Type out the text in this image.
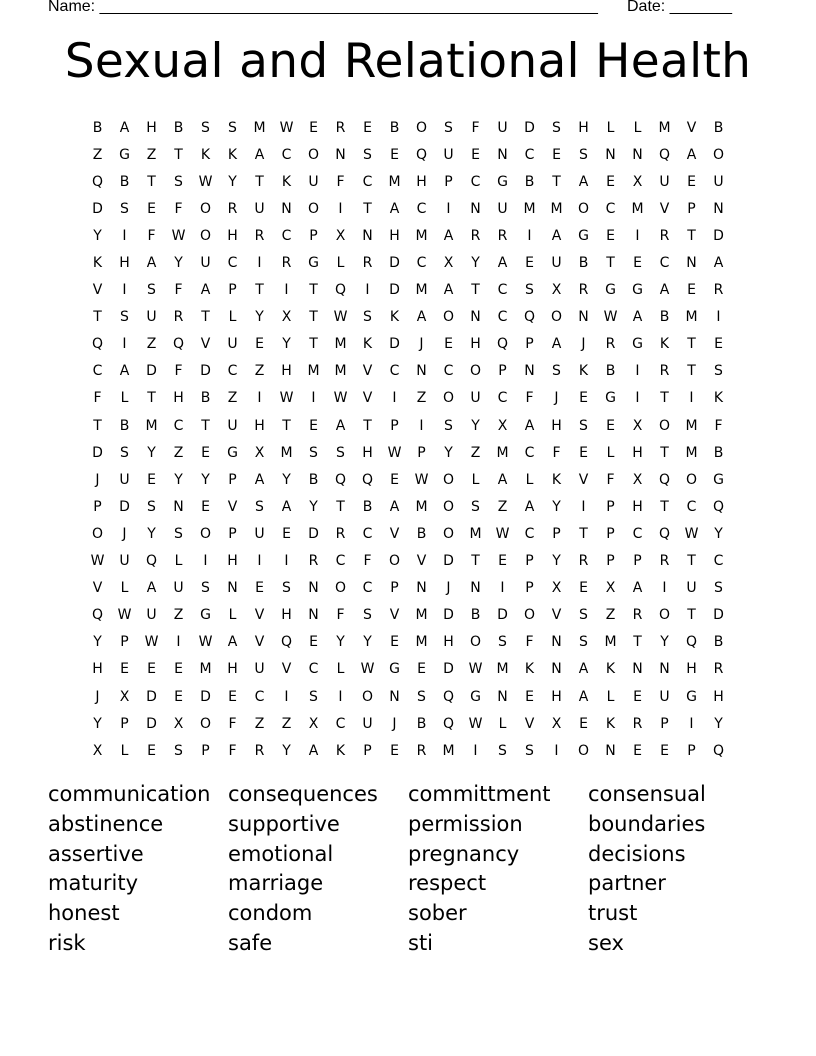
Name: ________________________________________________________ Date: _______
Sexual and Relational Health
B	A	H	B	S	S	M	W	E	R	E	B	O	S	F	U	D	S	H	L	L	M	V	B
Z	G	Z	T	K	K	A	C	O	N	S	E	Q	U	E	N	C	E	S	N	N	Q	A	O
Q	B	T	S	W	Y	T	K	U	F	C	M	H	P	C	G	B	T	A	E	X	U	E	U
D	S	E	F	O	R	U	N	O	I	T	A	C	I	N	U	M	M	O	C	M	V	P	N
Y	I	F	W	O	H	R	C	P	X	N	H	M	A	R	R	I	A	G	E	I	R	T	D
K	H	A	Y	U	C	I	R	G	L	R	D	C	X	Y	A	E	U	B	T	E	C	N	A
V	I	S	F	A	P	T	I	T	Q	I	D	M	A	T	C	S	X	R	G	G	A	E	R
T	S	U	R	T	L	Y	X	T	W	S	K	A	O	N	C	Q	O	N	W	A	B	M	I
Q	I	Z	Q	V	U	E	Y	T	M	K	D	J	E	H	Q	P	A	J	R	G	K	T	E
C	A	D	F	D	C	Z	H	M	M	V	C	N	C	O	P	N	S	K	B	I	R	T	S
F	L	T	H	B	Z	I	W	I	W	V	I	Z	O	U	C	F	J	E	G	I	T	I	K
T	B	M	C	T	U	H	T	E	A	T	P	I	S	Y	X	A	H	S	E	X	O	M	F
D	S	Y	Z	E	G	X	M	S	S	H	W	P	Y	Z	M	C	F	E	L	H	T	M	B
J	U	E	Y	Y	P	A	Y	B	Q	Q	E	W	O	L	A	L	K	V	F	X	Q	O	G
P	D	S	N	E	V	S	A	Y	T	B	A	M	O	S	Z	A	Y	I	P	H	T	C	Q
O	J	Y	S	O	P	U	E	D	R	C	V	B	O	M	W	C	P	T	P	C	Q	W	Y
W	U	Q	L	I	H	I	I	R	C	F	O	V	D	T	E	P	Y	R	P	P	R	T	C
V	L	A	U	S	N	E	S	N	O	C	P	N	J	N	I	P	X	E	X	A	I	U	S
Q	W	U	Z	G	L	V	H	N	F	S	V	M	D	B	D	O	V	S	Z	R	O	T	D
Y	P	W	I	W	A	V	Q	E	Y	Y	E	M	H	O	S	F	N	S	M	T	Y	Q	B
H	E	E	E	M	H	U	V	C	L	W	G	E	D	W	M	K	N	A	K	N	N	H	R
J	X	D	E	D	E	C	I	S	I	O	N	S	Q	G	N	E	H	A	L	E	U	G	H
Y	P	D	X	O	F	Z	Z	X	C	U	J	B	Q	W	L	V	X	E	K	R	P	I	Y
X	L	E	S	P	F	R	Y	A	K	P	E	R	M	I	S	S	I	O	N	E	E	P	Q
communication consequences	committment	consensual
abstinence	supportive	permission	boundaries
assertive	emotional	pregnancy	decisions
maturity	marriage	respect	partner
honest	condom	sober	trust
risk	safe	sti	sex
